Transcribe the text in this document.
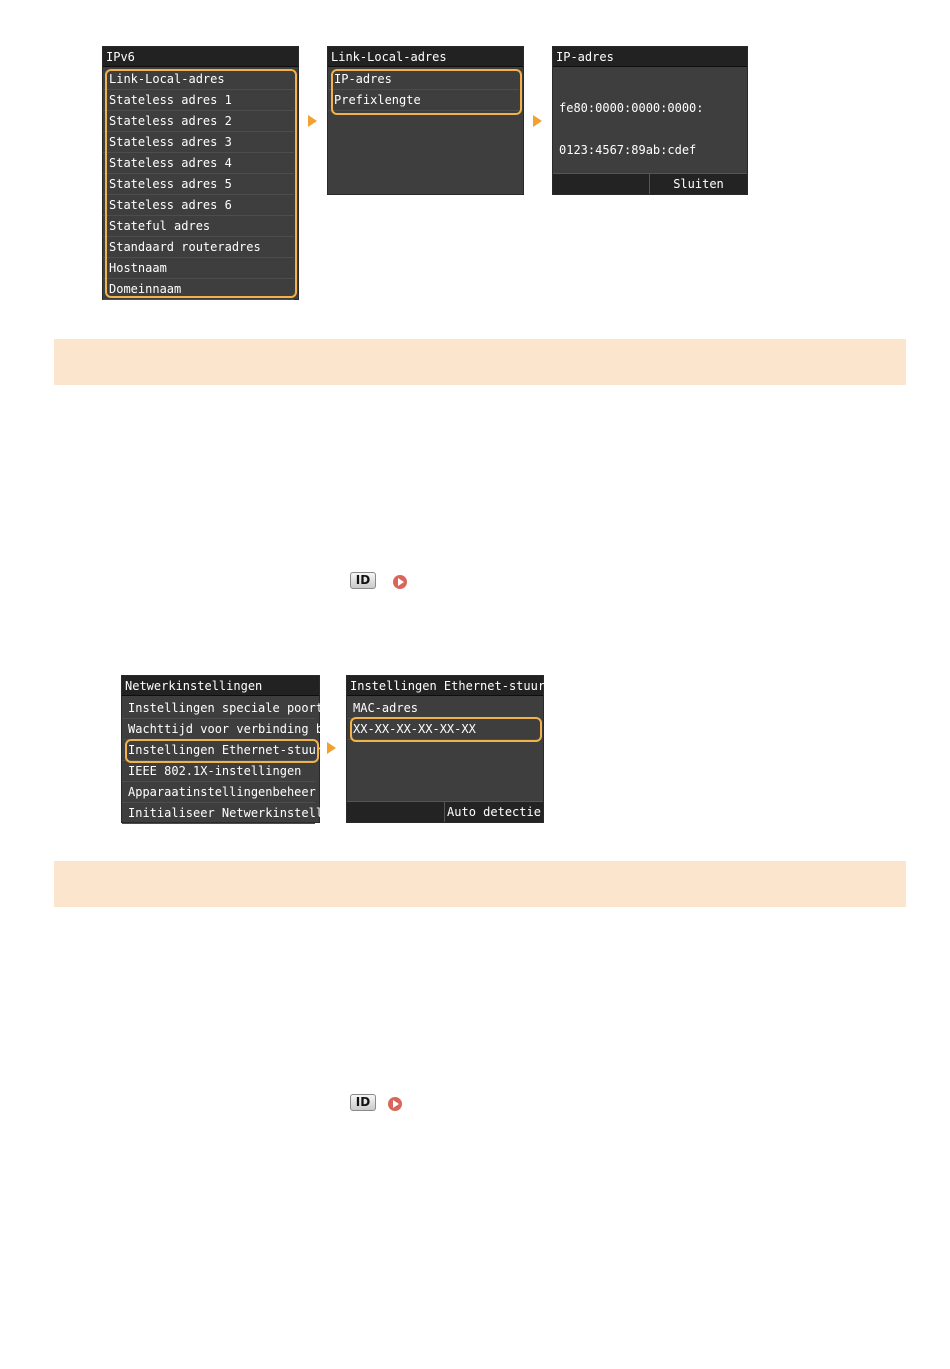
IPv6
Link-Local-adres
Stateless adres 1
Stateless adres 2
Stateless adres 3
Stateless adres 4
Stateless adres 5
Stateless adres 6
Stateful adres
Standaard routeradres
Hostnaam
Domeinnaam
Link-Local-adres
IP-adres
Prefixlengte
IP-adres

fe80:0000:0000:0000:

0123:4567:89ab:cdef

Sluiten
ID
Netwerkinstellingen
Instellingen speciale poort
Wachttijd voor verbinding bij
Instellingen Ethernet-stuurpro
IEEE 802.1X-instellingen
Apparaatinstellingenbeheer Aan
Initialiseer Netwerkinstelling
Instellingen Ethernet-stuurprog
MAC-adres
XX-XX-XX-XX-XX-XX
Auto detectie
ID
